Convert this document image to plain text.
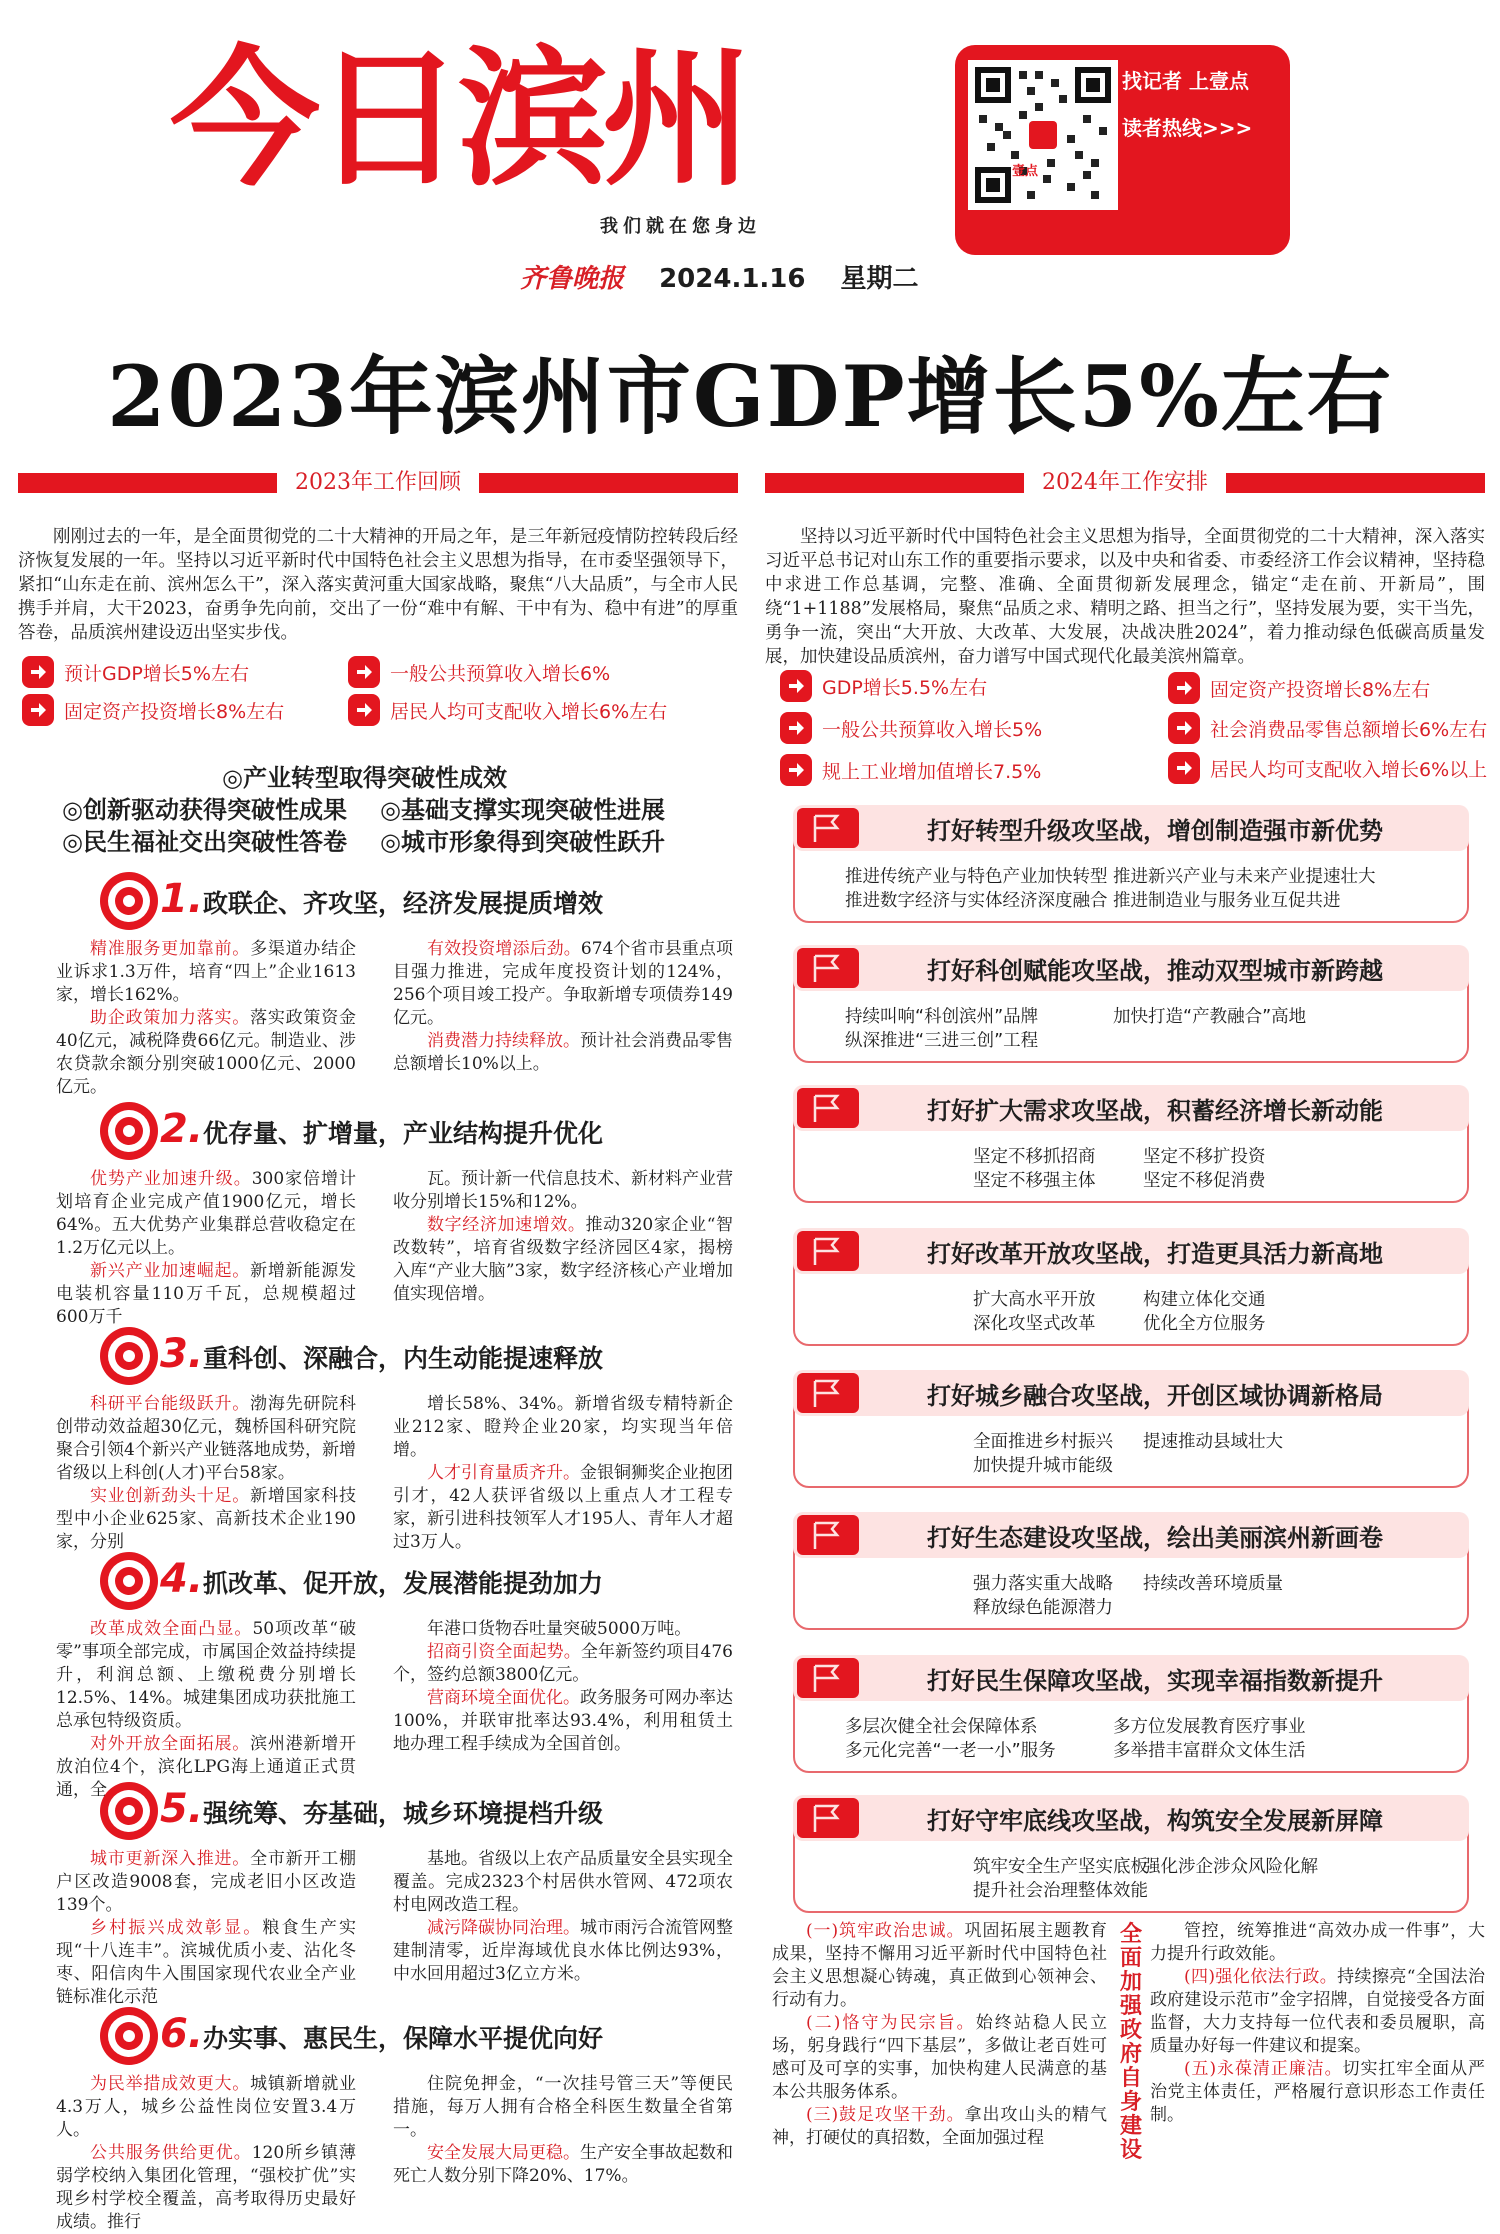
今日滨州
我们就在您身边
壹点
找记者 上壹点
读者热线>>>
齐鲁晚报 2024.1.16 星期二
2023年滨州市GDP增长5%左右
2023年工作回顾
刚刚过去的一年，是全面贯彻党的二十大精神的开局之年，是三年新冠疫情防控转段后经济恢复发展的一年。坚持以习近平新时代中国特色社会主义思想为指导，在市委坚强领导下，紧扣“山东走在前、滨州怎么干”，深入落实黄河重大国家战略，聚焦“八大品质”，与全市人民携手并肩，大干2023，奋勇争先向前，交出了一份“难中有解、干中有为、稳中有进”的厚重答卷，品质滨州建设迈出坚实步伐。
预计GDP增长5%左右	一般公共预算收入增长6%
固定资产投资增长8%左右	居民人均可支配收入增长6%左右
◎产业转型取得突破性成效
◎创新驱动获得突破性成果 ◎基础支撑实现突破性进展
◎民生福祉交出突破性答卷 ◎城市形象得到突破性跃升
1.政联企、齐攻坚，经济发展提质增效
精准服务更加靠前。多渠道办结企业诉求1.3万件，培育“四上”企业1613家，增长162%。
助企政策加力落实。落实政策资金40亿元，减税降费66亿元。制造业、涉农贷款余额分别突破1000亿元、2000亿元。
有效投资增添后劲。674个省市县重点项目强力推进，完成年度投资计划的124%，256个项目竣工投产。争取新增专项债券149亿元。
消费潜力持续释放。预计社会消费品零售总额增长10%以上。
2.优存量、扩增量，产业结构提升优化
优势产业加速升级。300家倍增计划培育企业完成产值1900亿元，增长64%。五大优势产业集群总营收稳定在1.2万亿元以上。
新兴产业加速崛起。新增新能源发电装机容量110万千瓦，总规模超过600万千
瓦。预计新一代信息技术、新材料产业营收分别增长15%和12%。
数字经济加速增效。推动320家企业“智改数转”，培育省级数字经济园区4家，揭榜入库“产业大脑”3家，数字经济核心产业增加值实现倍增。
3.重科创、深融合，内生动能提速释放
科研平台能级跃升。渤海先研院科创带动效益超30亿元，魏桥国科研究院聚合引领4个新兴产业链落地成势，新增省级以上科创(人才)平台58家。
实业创新劲头十足。新增国家科技型中小企业625家、高新技术企业190家，分别
增长58%、34%。新增省级专精特新企业212家、瞪羚企业20家，均实现当年倍增。
人才引育量质齐升。金银铜狮奖企业抱团引才，42人获评省级以上重点人才工程专家，新引进科技领军人才195人、青年人才超过3万人。
4.抓改革、促开放，发展潜能提劲加力
改革成效全面凸显。50项改革“破零”事项全部完成，市属国企效益持续提升，利润总额、上缴税费分别增长12.5%、14%。城建集团成功获批施工总承包特级资质。
对外开放全面拓展。滨州港新增开放泊位4个，滨化LPG海上通道正式贯通，全
年港口货物吞吐量突破5000万吨。
招商引资全面起势。全年新签约项目476个，签约总额3800亿元。
营商环境全面优化。政务服务可网办率达100%，并联审批率达93.4%，利用租赁土地办理工程手续成为全国首创。
5.强统筹、夯基础，城乡环境提档升级
城市更新深入推进。全市新开工棚户区改造9008套，完成老旧小区改造139个。
乡村振兴成效彰显。粮食生产实现“十八连丰”。滨城优质小麦、沾化冬枣、阳信肉牛入围国家现代农业全产业链标准化示范
基地。省级以上农产品质量安全县实现全覆盖。完成2323个村居供水管网、472项农村电网改造工程。
减污降碳协同治理。城市雨污合流管网整建制清零，近岸海域优良水体比例达93%，中水回用超过3亿立方米。
6.办实事、惠民生，保障水平提优向好
为民举措成效更大。城镇新增就业4.3万人，城乡公益性岗位安置3.4万人。
公共服务供给更优。120所乡镇薄弱学校纳入集团化管理，“强校扩优”实现乡村学校全覆盖，高考取得历史最好成绩。推行
住院免押金，“一次挂号管三天”等便民措施，每万人拥有合格全科医生数量全省第一。
安全发展大局更稳。生产安全事故起数和死亡人数分别下降20%、17%。
2024年工作安排
坚持以习近平新时代中国特色社会主义思想为指导，全面贯彻党的二十大精神，深入落实习近平总书记对山东工作的重要指示要求，以及中央和省委、市委经济工作会议精神，坚持稳中求进工作总基调，完整、准确、全面贯彻新发展理念，锚定“走在前、开新局”，围绕“1+1188”发展格局，聚焦“品质之求、精明之路、担当之行”，坚持发展为要，实干当先，勇争一流，突出“大开放、大改革、大发展，决战决胜2024”，着力推动绿色低碳高质量发展，加快建设品质滨州，奋力谱写中国式现代化最美滨州篇章。
GDP增长5.5%左右	固定资产投资增长8%左右
一般公共预算收入增长5%	社会消费品零售总额增长6%左右
规上工业增加值增长7.5%	居民人均可支配收入增长6%以上
打好转型升级攻坚战，增创制造强市新优势
推进传统产业与特色产业加快转型 推进新兴产业与未来产业提速壮大
推进数字经济与实体经济深度融合 推进制造业与服务业互促共进
打好科创赋能攻坚战，推动双型城市新跨越
持续叫响“科创滨州”品牌	加快打造“产教融合”高地
纵深推进“三进三创”工程
打好扩大需求攻坚战，积蓄经济增长新动能
坚定不移抓招商	坚定不移扩投资
坚定不移强主体	坚定不移促消费
打好改革开放攻坚战，打造更具活力新高地
扩大高水平开放	构建立体化交通
深化攻坚式改革	优化全方位服务
打好城乡融合攻坚战，开创区域协调新格局
全面推进乡村振兴 提速推动县域壮大
加快提升城市能级
打好生态建设攻坚战，绘出美丽滨州新画卷
强力落实重大战略 持续改善环境质量
释放绿色能源潜力
打好民生保障攻坚战，实现幸福指数新提升
多层次健全社会保障体系	多方位发展教育医疗事业
多元化完善“一老一小”服务	多举措丰富群众文体生活
打好守牢底线攻坚战，构筑安全发展新屏障
筑牢安全生产坚实底板
强化涉企涉众风险化解
提升社会治理整体效能
(一)筑牢政治忠诚。巩固拓展主题教育成果，坚持不懈用习近平新时代中国特色社会主义思想凝心铸魂，真正做到心领神会、行动有力。
(二)恪守为民宗旨。始终站稳人民立场，躬身践行“四下基层”，多做让老百姓可感可及可享的实事，加快构建人民满意的基本公共服务体系。
(三)鼓足攻坚干劲。拿出攻山头的精气神，打硬仗的真招数，全面加强过程
全面加强政府自身建设
管控，统筹推进“高效办成一件事”，大力提升行政效能。
(四)强化依法行政。持续擦亮“全国法治政府建设示范市”金字招牌，自觉接受各方面监督，大力支持每一位代表和委员履职，高质量办好每一件建议和提案。
(五)永葆清正廉洁。切实扛牢全面从严治党主体责任，严格履行意识形态工作责任制。
